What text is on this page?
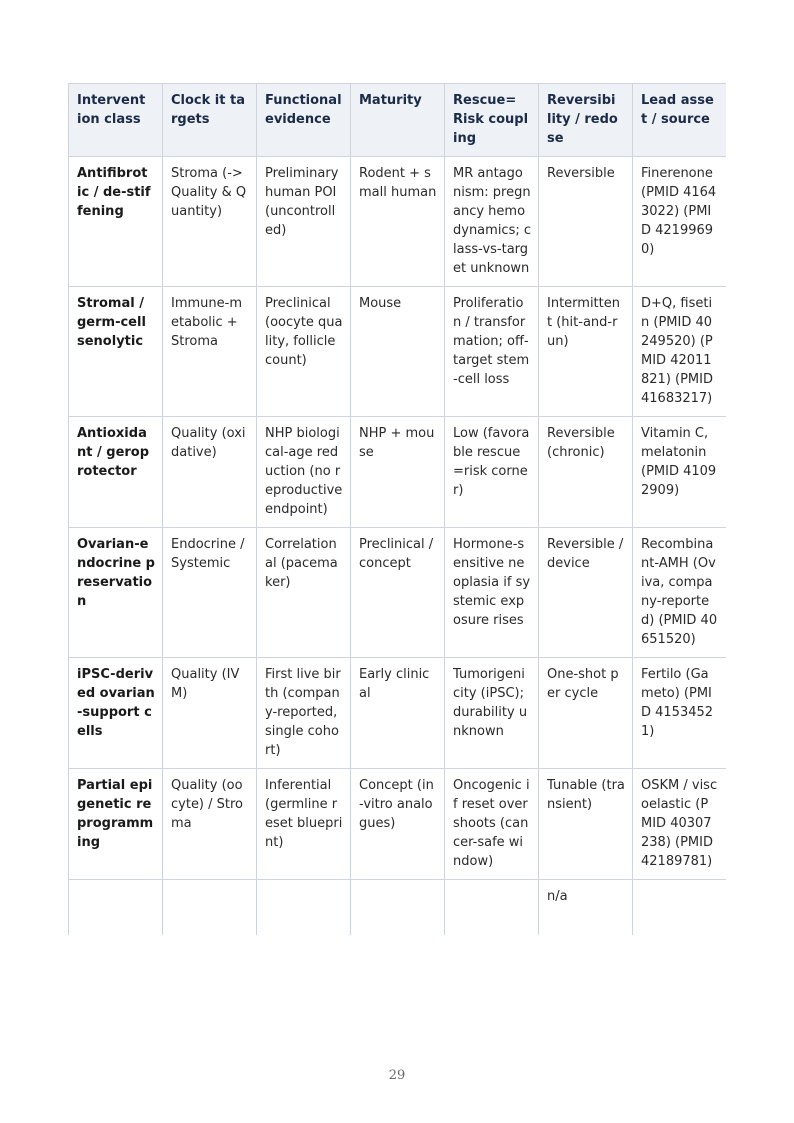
Intervention class	Clock it targets	Functional evidence	Maturity	Rescue=Risk coupling	Reversibility / redose	Lead asset / source
Antifibrotic / de-stiffening	Stroma (-> Quality & Quantity)	Preliminary human POI (uncontrolled)	Rodent + small human	MR antagonism: pregnancy hemodynamics; class-vs-target unknown	Reversible	Finerenone (PMID 41643022) (PMID 42199690)
Stromal / germ-cell senolytic	Immune-metabolic + Stroma	Preclinical (oocyte quality, follicle count)	Mouse	Proliferation / transformation; off-target stem-cell loss	Intermittent (hit-and-run)	D+Q, fisetin (PMID 40249520) (PMID 42011821) (PMID 41683217)
Antioxidant / geroprotector	Quality (oxidative)	NHP biological-age reduction (no reproductive endpoint)	NHP + mouse	Low (favorable rescue=risk corner)	Reversible (chronic)	Vitamin C, melatonin (PMID 41092909)
Ovarian-endocrine preservation	Endocrine / Systemic	Correlational (pacemaker)	Preclinical / concept	Hormone-sensitive neoplasia if systemic exposure rises	Reversible / device	Recombinant-AMH (Oviva, company-reported) (PMID 40651520)
iPSC-derived ovarian-support cells	Quality (IVM)	First live birth (company-reported, single cohort)	Early clinical	Tumorigenicity (iPSC); durability unknown	One-shot per cycle	Fertilo (Gameto) (PMID 41534521)
Partial epigenetic reprogramming	Quality (oocyte) / Stroma	Inferential (germline reset blueprint)	Concept (in-vitro analogues)	Oncogenic if reset overshoots (cancer-safe window)	Tunable (transient)	OSKM / viscoelastic (PMID 40307238) (PMID 42189781)
					n/a	
29
